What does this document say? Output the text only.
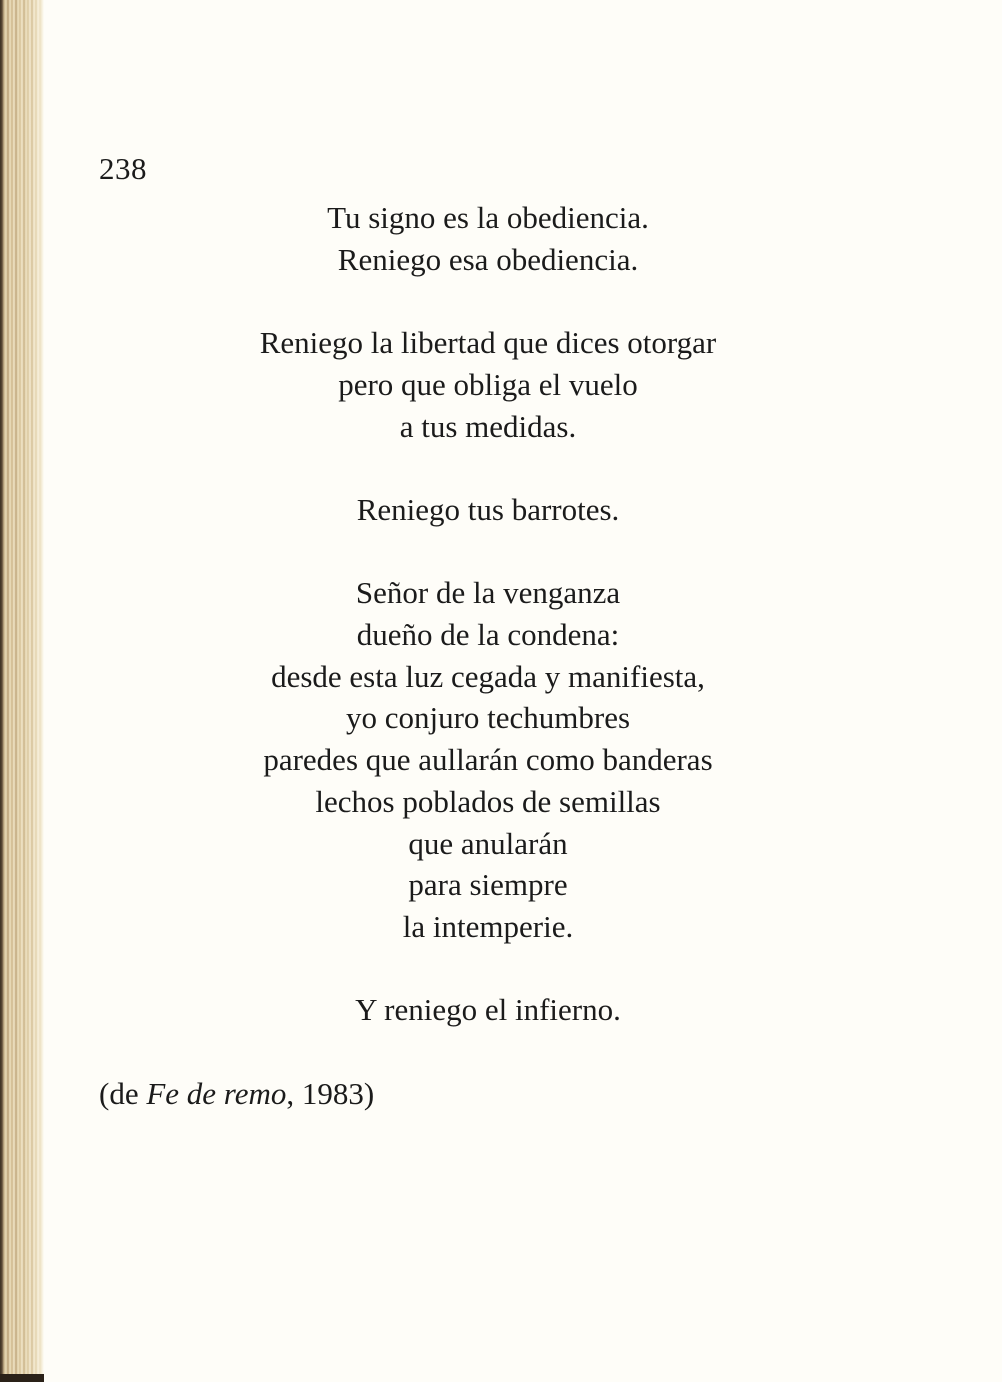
238
Tu signo es la obediencia.
Reniego esa obediencia.
Reniego la libertad que dices otorgar
pero que obliga el vuelo
a tus medidas.
Reniego tus barrotes.
Señor de la venganza
dueño de la condena:
desde esta luz cegada y manifiesta,
yo conjuro techumbres
paredes que aullarán como banderas
lechos poblados de semillas
que anularán
para siempre
la intemperie.
Y reniego el infierno.
(de Fe de remo, 1983)
